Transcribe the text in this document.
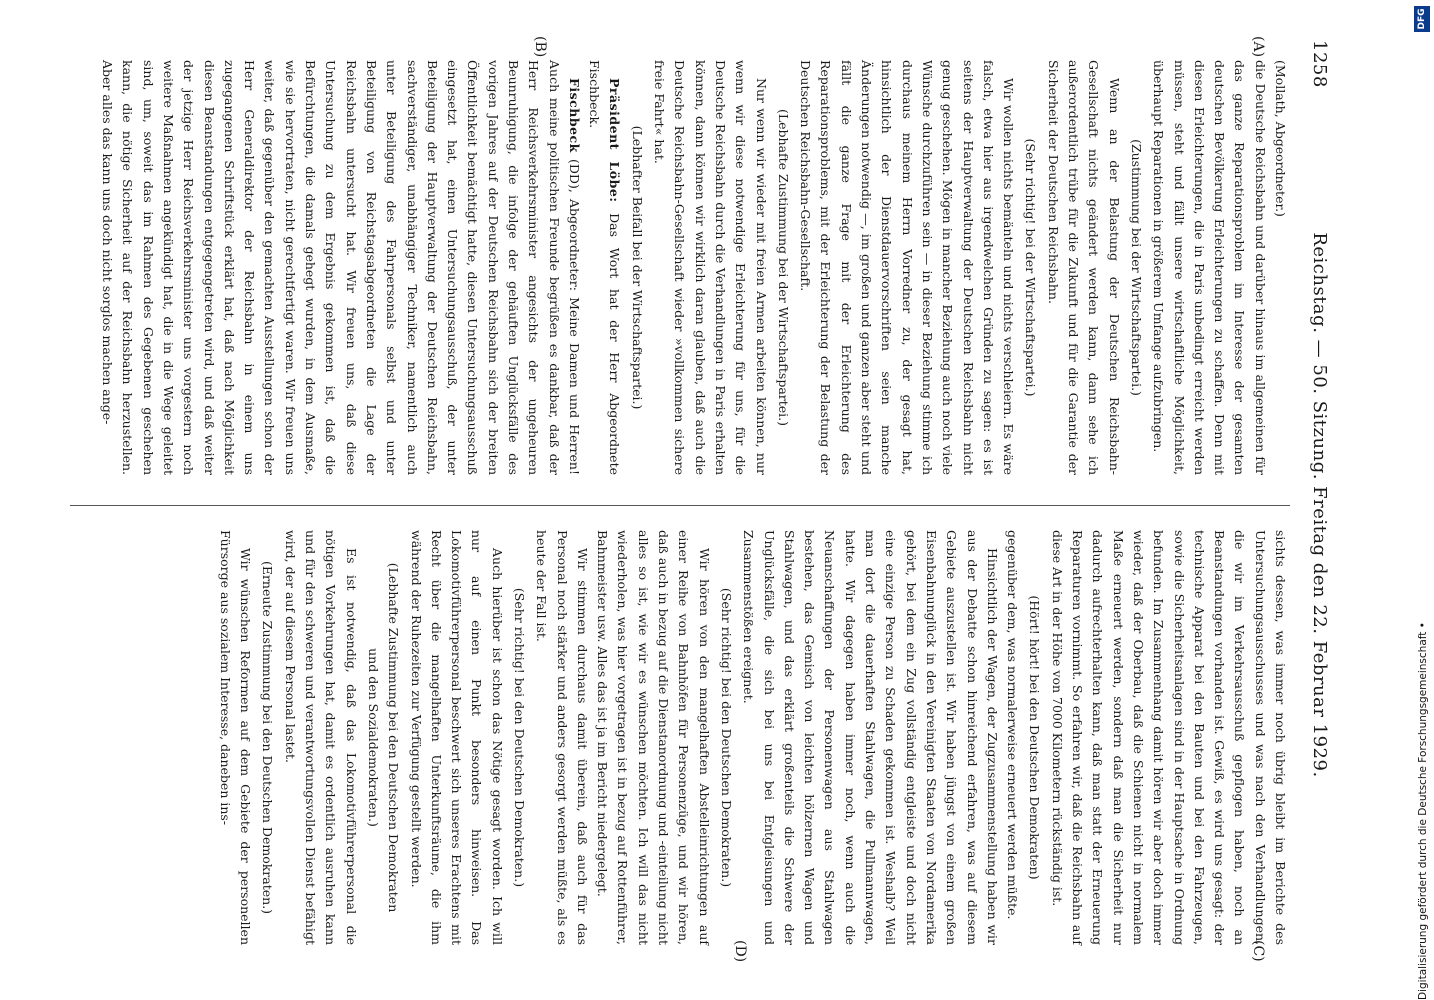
1258
Reichstag. — 50. Sitzung. Freitag den 22. Februar 1929.

(Mollath, Abgeordneter.)

die Deutsche Reichsbahn und darüber hinaus im allgemeinen für das ganze Reparationsproblem im Interesse der gesamten deutschen Bevölkerung Erleichterungen zu schaffen. Denn mit diesen Erleichterungen, die in Paris unbedingt erreicht werden müssen, steht und fällt unsere wirtschaftliche Möglichkeit, überhaupt Reparationen in größerem Umfange aufzubringen.

(Zustimmung bei der Wirtschaftspartei.)

Wenn an der Belastung der Deutschen Reichsbahn-Gesellschaft nichts geändert werden kann, dann sehe ich außerordentlich trübe für die Zukunft und für die Garantie der Sicherheit der Deutschen Reichsbahn.

(Sehr richtig! bei der Wirtschaftspartei.)

Wir wollen nichts bemänteln und nichts verschleiern. Es wäre falsch, etwa hier aus irgendwelchen Gründen zu sagen: es ist seitens der Hauptverwaltung der Deutschen Reichsbahn nicht genug geschehen. Mögen in mancher Beziehung auch noch viele Wünsche durchzuführen sein — in dieser Beziehung stimme ich durchaus meinem Herrn Vorredner zu, der gesagt hat, hinsichtlich der Dienstdauervorschriften seien manche Änderungen notwendig —, im großen und ganzen aber steht und fällt die ganze Frage mit der Erleichterung des Reparationsproblems, mit der Erleichterung der Belastung der Deutschen Reichsbahn-Gesellschaft.

(Lebhafte Zustimmung bei der Wirtschaftspartei.)

Nur wenn wir wieder mit freien Armen arbeiten können, nur wenn wir diese notwendige Erleichterung für uns, für die Deutsche Reichsbahn durch die Verhandlungen in Paris erhalten können, dann können wir wirklich daran glauben, daß auch die Deutsche Reichsbahn-Gesellschaft wieder »vollkommen sichere freie Fahrt« hat.

(Lebhafter Beifall bei der Wirtschaftspartei.)

Präsident Löbe: Das Wort hat der Herr Abgeordnete Fischbeck.

Fischbeck (DD), Abgeordneter: Meine Damen und Herren! Auch meine politischen Freunde begrüßen es dankbar, daß der Herr Reichsverkehrsminister angesichts der ungeheuren Beunruhigung, die infolge der gehäuften Unglücksfälle des vorigen Jahres auf der Deutschen Reichsbahn sich der breiten Öffentlichkeit bemächtigt hatte, diesen Untersuchungsausschuß eingesetzt hat, einen Untersuchungsausschuß, der unter Beteiligung der Hauptverwaltung der Deutschen Reichsbahn, sachverständiger, unabhängiger Techniker, namentlich auch unter Beteiligung des Fahrpersonals selbst und unter Beteiligung von Reichstagsabgeordneten die Lage der Reichsbahn untersucht hat. Wir freuen uns, daß diese Untersuchung zu dem Ergebnis gekommen ist, daß die Befürchtungen, die damals gehegt wurden, in dem Ausmaße, wie sie hervortraten, nicht gerechtfertigt waren. Wir freuen uns weiter, daß gegenüber den gemachten Ausstellungen schon der Herr Generaldirektor der Reichsbahn in einem uns zugegangenen Schriftstück erklärt hat, daß nach Möglichkeit diesen Beanstandungen entgegengetreten wird, und daß weiter der jetzige Herr Reichsverkehrsminister uns vorgestern noch weitere Maßnahmen angekündigt hat, die in die Wege geleitet sind, um, soweit das im Rahmen des Gegebenen geschehen kann, die nötige Sicherheit auf der Reichsbahn herzustellen. Aber alles das kann uns doch nicht sorglos machen ange-

sichts dessen, was immer noch übrig bleibt im Berichte des Untersuchungsausschusses und was nach den Verhandlungen, die wir im Verkehrsausschuß gepflogen haben, noch an Beanstandungen vorhanden ist. Gewiß, es wird uns gesagt: der technische Apparat bei den Bauten und bei den Fahrzeugen, sowie die Sicherheitsanlagen sind in der Hauptsache in Ordnung befunden. Im Zusammenhang damit hören wir aber doch immer wieder, daß der Oberbau, daß die Schienen nicht in normalem Maße erneuert werden, sondern daß man die Sicherheit nur dadurch aufrechterhalten kann, daß man statt der Erneuerung Reparaturen vornimmt. So erfahren wir, daß die Reichsbahn auf diese Art in der Höhe von 7000 Kilometern rückständig ist.

(Hört! hört! bei den Deutschen Demokraten)

gegenüber dem, was normalerweise erneuert werden müßte.

Hinsichtlich der Wagen, der Zugzusammenstellung haben wir aus der Debatte schon hinreichend erfahren, was auf diesem Gebiete auszustellen ist. Wir haben jüngst von einem großen Eisenbahnunglück in den Vereinigten Staaten von Nordamerika gehört, bei dem ein Zug vollständig entgleiste und doch nicht eine einzige Person zu Schaden gekommen ist. Weshalb? Weil man dort die dauerhaften Stahlwagen, die Pullmannwagen, hatte. Wir dagegen haben immer noch, wenn auch die Neuanschaffungen der Personenwagen aus Stahlwagen bestehen, das Gemisch von leichten hölzernen Wagen und Stahlwagen, und das erklärt großenteils die Schwere der Unglücksfälle, die sich bei uns bei Entgleisungen und Zusammenstößen ereignet.

(Sehr richtig! bei den Deutschen Demokraten.)

Wir hören von den mangelhaften Abstelleinrichtungen auf einer Reihe von Bahnhöfen für Personenzüge, und wir hören, daß auch in bezug auf die Dienstanordnung und -einteilung nicht alles so ist, wie wir es wünschen möchten. Ich will das nicht wiederholen, was hier vorgetragen ist in bezug auf Rottenführer, Bahnmeister usw. Alles das ist ja im Bericht niedergelegt.

Wir stimmen durchaus damit überein, daß auch für das Personal noch stärker und anders gesorgt werden müßte, als es heute der Fall ist.

(Sehr richtig! bei den Deutschen Demokraten.)

Auch hierüber ist schon das Nötige gesagt worden. Ich will nur auf einen Punkt besonders hinweisen. Das Lokomotivführerpersonal beschwert sich unseres Erachtens mit Recht über die mangelhaften Unterkunftsräume, die ihm während der Ruhezeiten zur Verfügung gestellt werden.

(Lebhafte Zustimmung bei den Deutschen Demokraten und den Sozialdemokraten.)

Es ist notwendig, daß das Lokomotivführerpersonal die nötigen Vorkehrungen hat, damit es ordentlich ausruhen kann und für den schweren und verantwortungsvollen Dienst befähigt wird, der auf diesem Personal lastet.

(Erneute Zustimmung bei den Deutschen Demokraten.)

Wir wünschen Reformen auf dem Gebiete der personellen Fürsorge aus sozialem Interesse, daneben ins-

(A)
(B)
(C)
(D)
DFG
Digitalisierung gefördert durch die Deutsche Forschungsgemeinschaft •
